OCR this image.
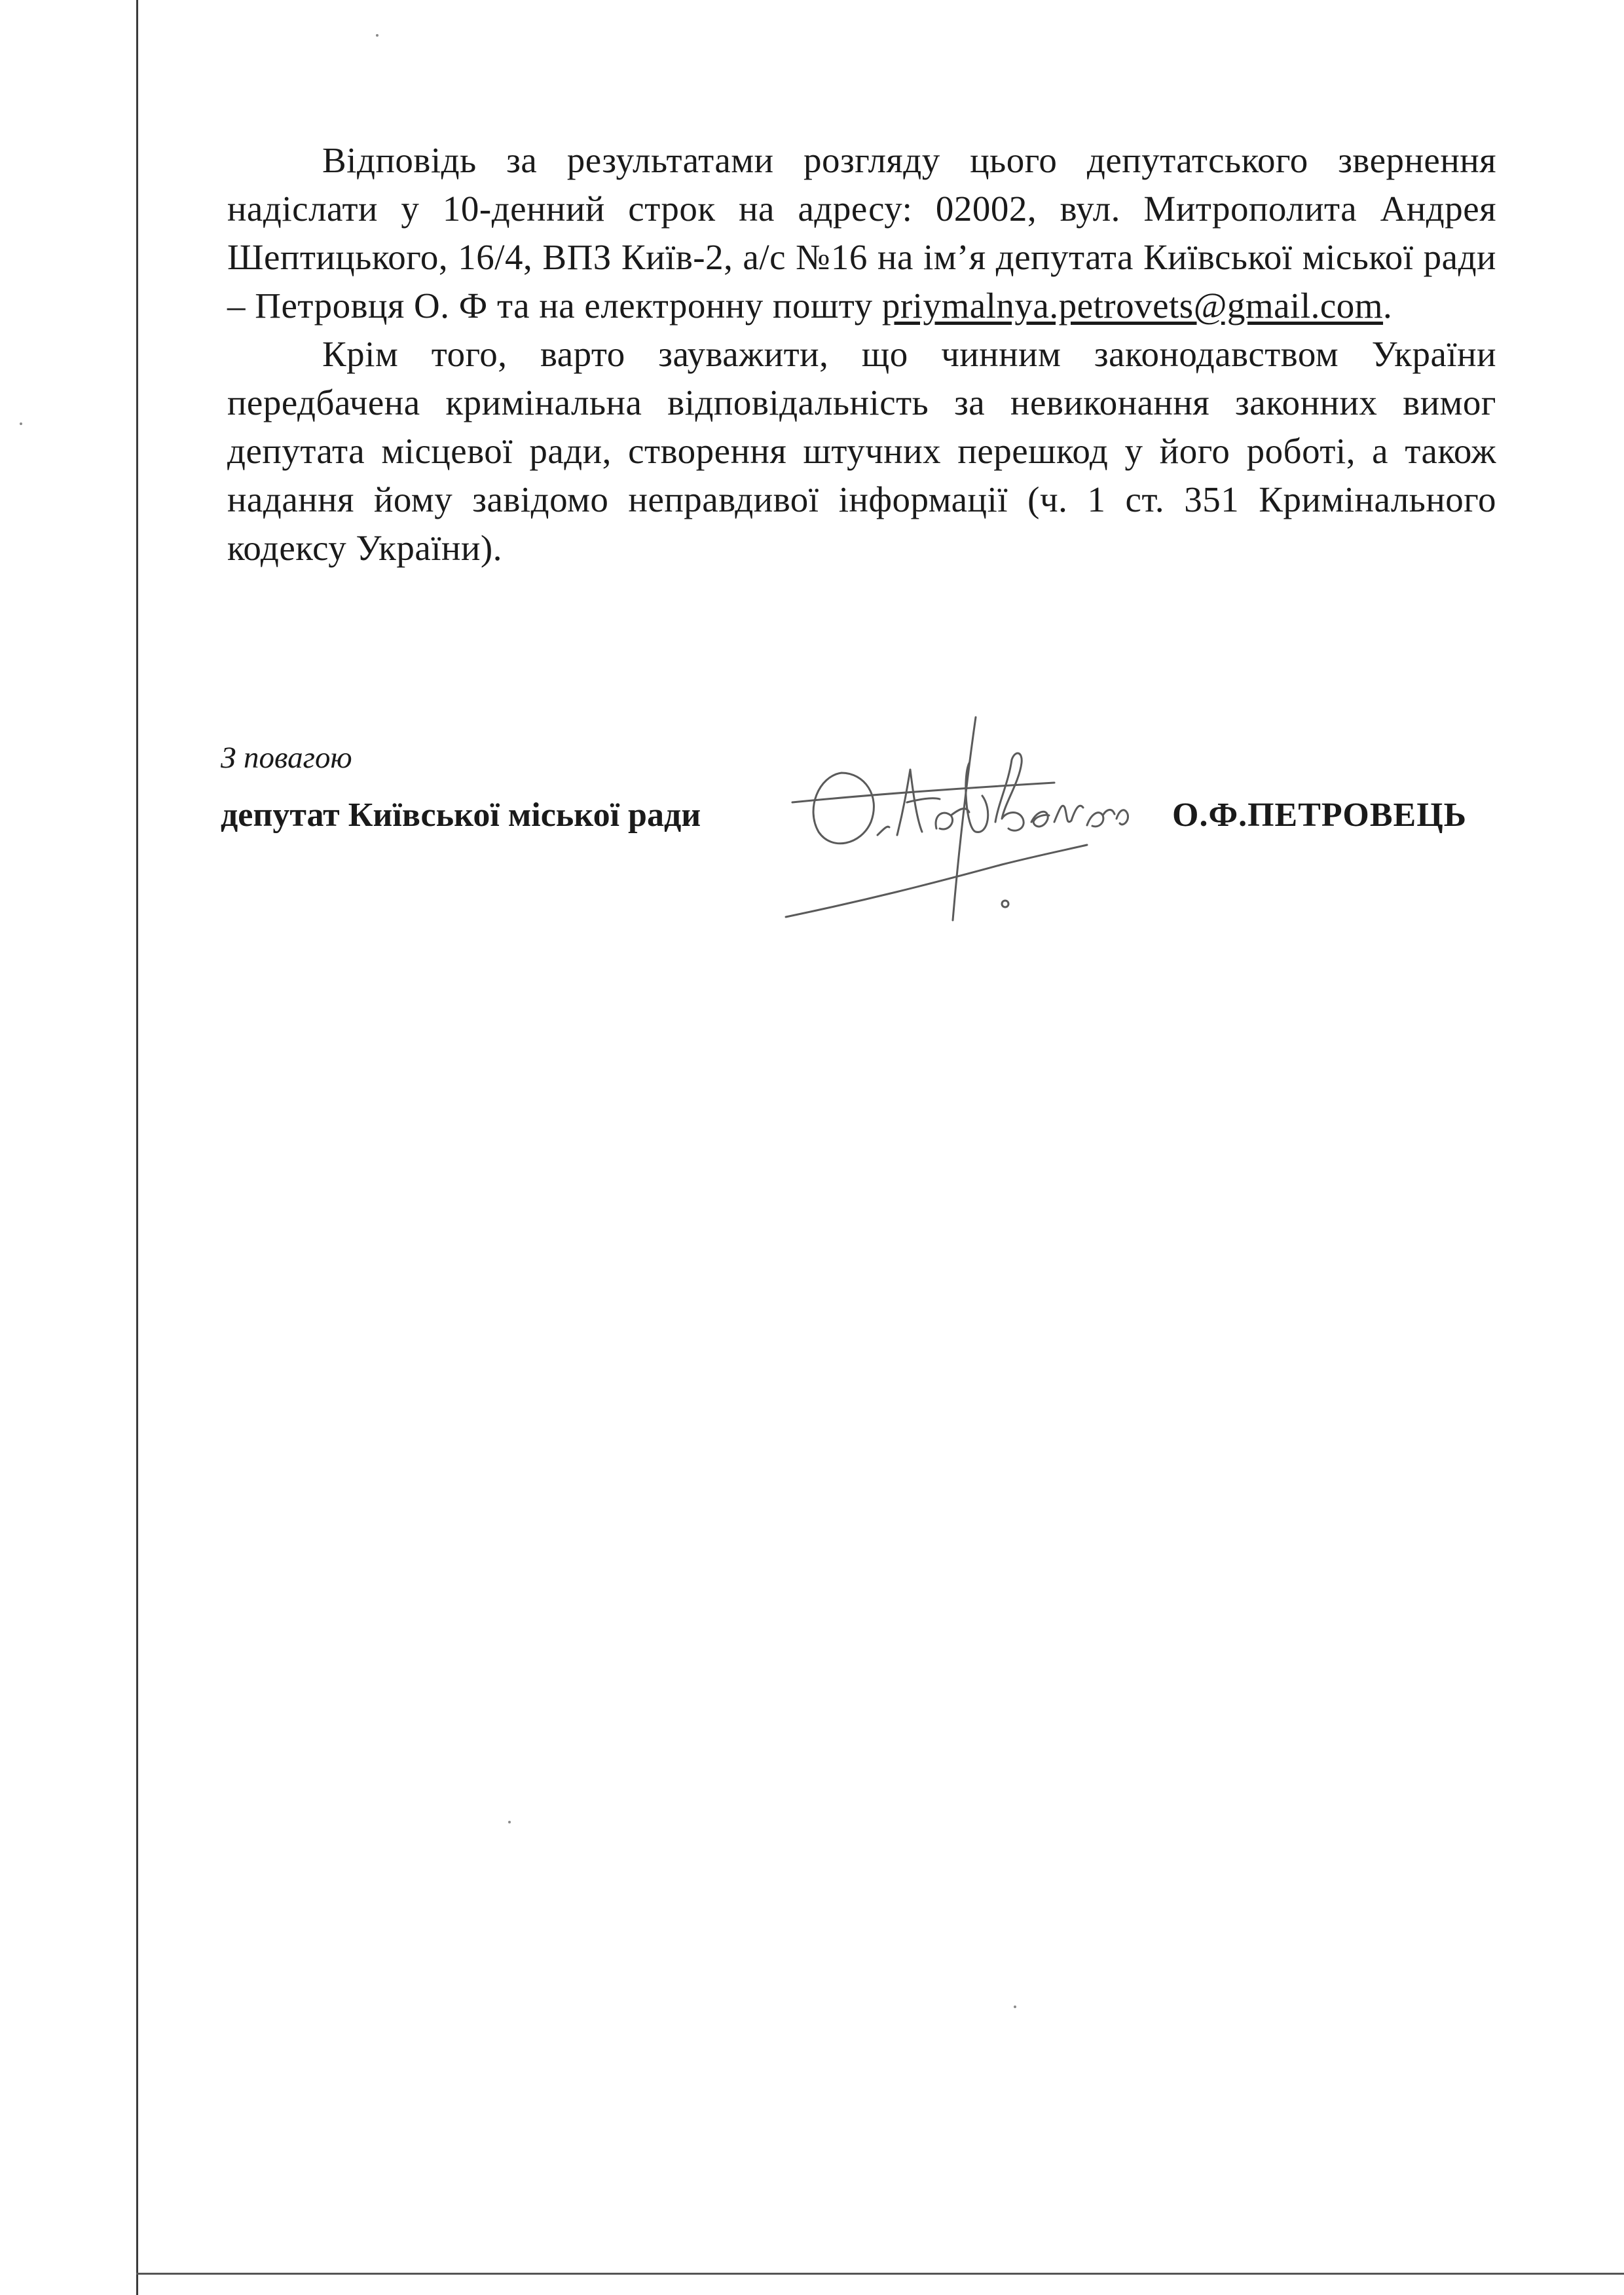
Відповідь за результатами розгляду цього депутатського звернення надіслати у 10-денний строк на адресу: 02002, вул. Митрополита Андрея Шептицького, 16/4, ВПЗ Київ-2, а/с №16 на ім’я депутата Київської міської ради – Петровця О. Ф та на електронну пошту priymalnya.petrovets@gmail.com.

Крім того, варто зауважити, що чинним законодавством України передбачена кримінальна відповідальність за невиконання законних вимог депутата місцевої ради, створення штучних перешкод у його роботі, а також надання йому завідомо неправдивої інформації (ч. 1 ст. 351 Кримінального кодексу України).

З повагою
депутат Київської міської ради	О.Ф.ПЕТРОВЕЦЬ
